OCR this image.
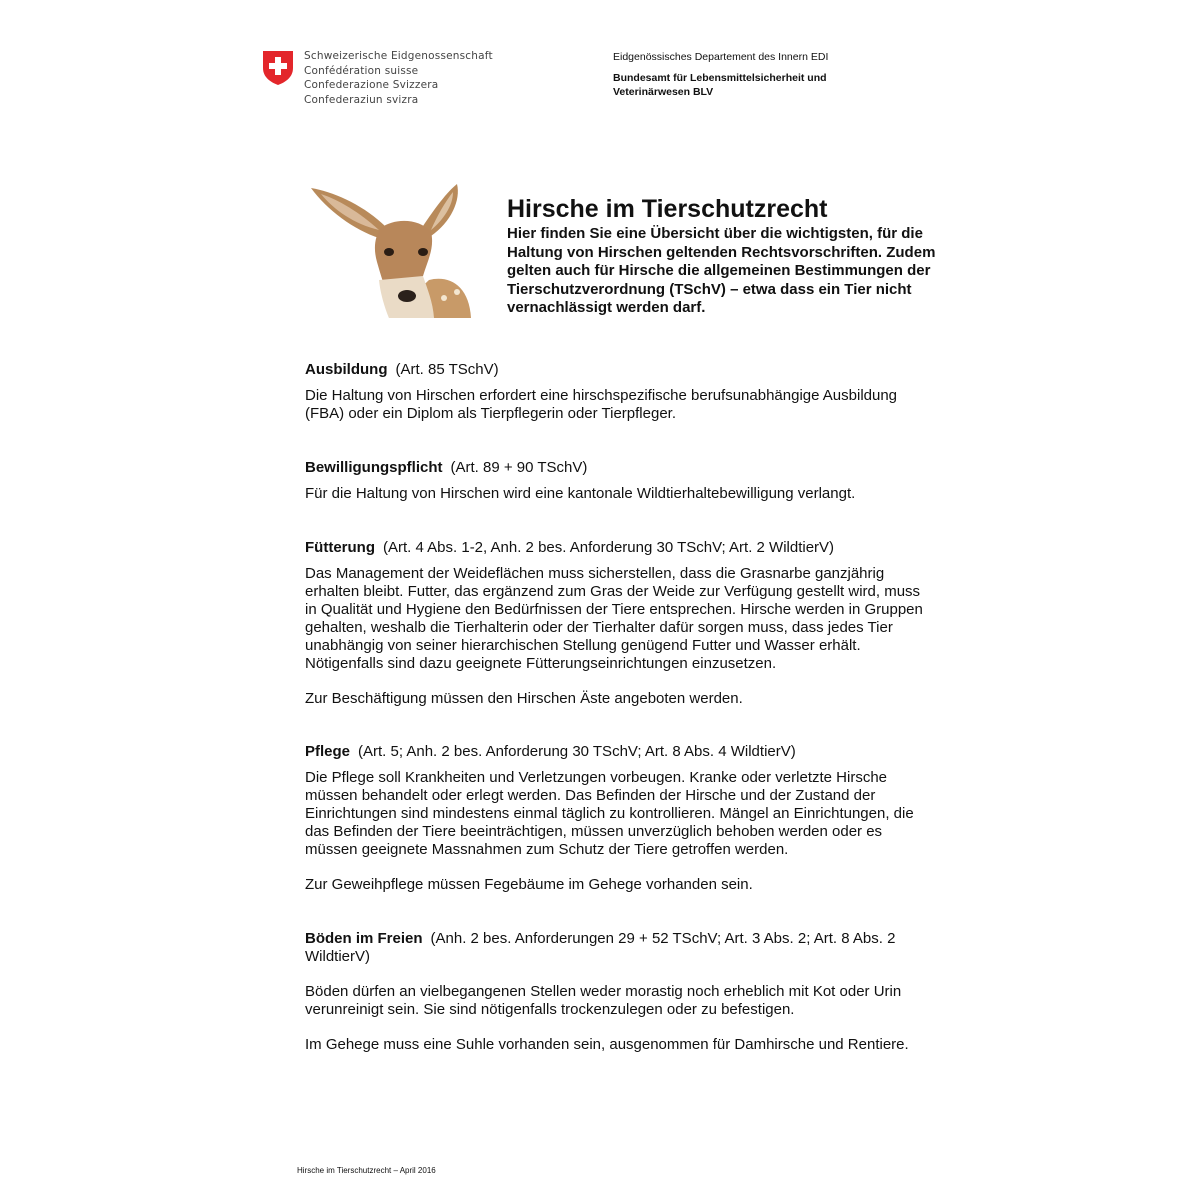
Schweizerische Eidgenossenschaft
Confédération suisse
Confederazione Svizzera
Confederaziun svizra
Eidgenössisches Departement des Innern EDI
Bundesamt für Lebensmittelsicherheit und
Veterinärwesen BLV
Hirsche im Tierschutzrecht
Hier finden Sie eine Übersicht über die wichtigsten, für die Haltung von Hirschen geltenden Rechtsvorschriften. Zudem gelten auch für Hirsche die allgemeinen Bestimmungen der Tierschutzverordnung (TSchV) – etwa dass ein Tier nicht vernachlässigt werden darf.

Ausbildung (Art. 85 TSchV)

Die Haltung von Hirschen erfordert eine hirschspezifische berufsunabhängige Ausbildung (FBA) oder ein Diplom als Tierpflegerin oder Tierpfleger.

Bewilligungspflicht (Art. 89 + 90 TSchV)

Für die Haltung von Hirschen wird eine kantonale Wildtierhaltebewilligung verlangt.

Fütterung (Art. 4 Abs. 1-2, Anh. 2 bes. Anforderung 30 TSchV; Art. 2 WildtierV)

Das Management der Weideflächen muss sicherstellen, dass die Grasnarbe ganzjährig erhalten bleibt. Futter, das ergänzend zum Gras der Weide zur Verfügung gestellt wird, muss in Qualität und Hygiene den Bedürfnissen der Tiere entsprechen. Hirsche werden in Gruppen gehalten, weshalb die Tierhalterin oder der Tierhalter dafür sorgen muss, dass jedes Tier unabhängig von seiner hierarchischen Stellung genügend Futter und Wasser erhält. Nötigenfalls sind dazu geeignete Fütterungseinrichtungen einzusetzen.

Zur Beschäftigung müssen den Hirschen Äste angeboten werden.

Pflege (Art. 5; Anh. 2 bes. Anforderung 30 TSchV; Art. 8 Abs. 4 WildtierV)

Die Pflege soll Krankheiten und Verletzungen vorbeugen. Kranke oder verletzte Hirsche müssen behandelt oder erlegt werden. Das Befinden der Hirsche und der Zustand der Einrichtungen sind mindestens einmal täglich zu kontrollieren. Mängel an Einrichtungen, die das Befinden der Tiere beeinträchtigen, müssen unverzüglich behoben werden oder es müssen geeignete Massnahmen zum Schutz der Tiere getroffen werden.

Zur Geweihpflege müssen Fegebäume im Gehege vorhanden sein.

Böden im Freien (Anh. 2 bes. Anforderungen 29 + 52 TSchV; Art. 3 Abs. 2; Art. 8 Abs. 2 WildtierV)

Böden dürfen an vielbegangenen Stellen weder morastig noch erheblich mit Kot oder Urin verunreinigt sein. Sie sind nötigenfalls trockenzulegen oder zu befestigen.

Im Gehege muss eine Suhle vorhanden sein, ausgenommen für Damhirsche und Rentiere.

Hirsche im Tierschutzrecht – April 2016
